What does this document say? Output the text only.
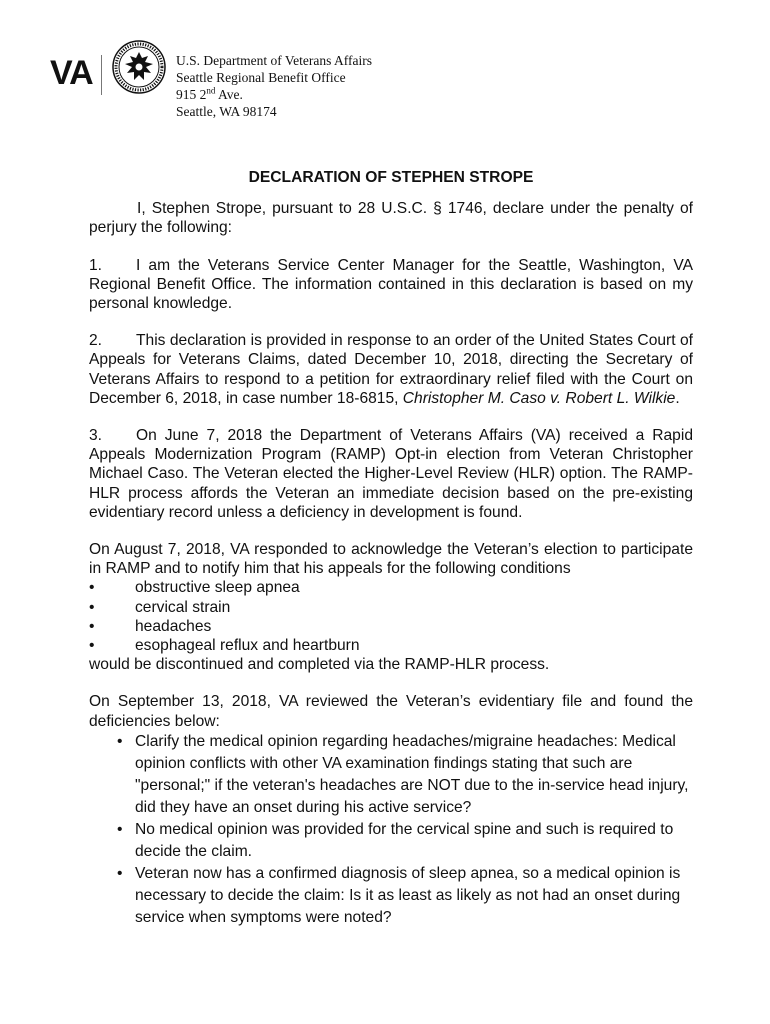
VA	U.S. Department of Veterans Affairs
Seattle Regional Benefit Office
915 2nd Ave.
Seattle, WA 98174
DECLARATION OF STEPHEN STROPE

I, Stephen Strope, pursuant to 28 U.S.C. § 1746, declare under the penalty of perjury the following:

1. I am the Veterans Service Center Manager for the Seattle, Washington, VA Regional Benefit Office. The information contained in this declaration is based on my personal knowledge.

2. This declaration is provided in response to an order of the United States Court of Appeals for Veterans Claims, dated December 10, 2018, directing the Secretary of Veterans Affairs to respond to a petition for extraordinary relief filed with the Court on December 6, 2018, in case number 18-6815, Christopher M. Caso v. Robert L. Wilkie.

3. On June 7, 2018 the Department of Veterans Affairs (VA) received a Rapid Appeals Modernization Program (RAMP) Opt-in election from Veteran Christopher Michael Caso. The Veteran elected the Higher-Level Review (HLR) option. The RAMP-HLR process affords the Veteran an immediate decision based on the pre-existing evidentiary record unless a deficiency in development is found.

On August 7, 2018, VA responded to acknowledge the Veteran’s election to participate in RAMP and to notify him that his appeals for the following conditions
•	obstructive sleep apnea
•	cervical strain
•	headaches
•	esophageal reflux and heartburn
would be discontinued and completed via the RAMP-HLR process.
On September 13, 2018, VA reviewed the Veteran’s evidentiary file and found the deficiencies below:
• Clarify the medical opinion regarding headaches/migraine headaches: Medical opinion conflicts with other VA examination findings stating that such are "personal;" if the veteran's headaches are NOT due to the in-service head injury, did they have an onset during his active service?
• No medical opinion was provided for the cervical spine and such is required to decide the claim.
• Veteran now has a confirmed diagnosis of sleep apnea, so a medical opinion is necessary to decide the claim: Is it as least as likely as not had an onset during service when symptoms were noted?
